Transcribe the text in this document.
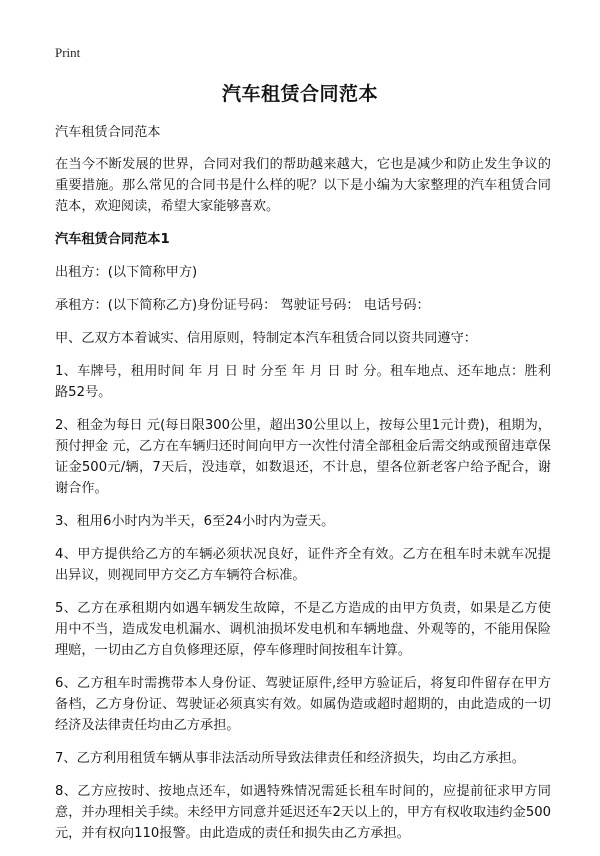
Print
汽车租赁合同范本

汽车租赁合同范本

在当今不断发展的世界，合同对我们的帮助越来越大，它也是减少和防止发生争议的重要措施。那么常见的合同书是什么样的呢？以下是小编为大家整理的汽车租赁合同范本，欢迎阅读，希望大家能够喜欢。

汽车租赁合同范本1

出租方：(以下简称甲方)

承租方：(以下简称乙方)身份证号码： 驾驶证号码： 电话号码：

甲、乙双方本着诚实、信用原则，特制定本汽车租赁合同以资共同遵守：

1、车牌号，租用时间 年 月 日 时 分至 年 月 日 时 分。租车地点、还车地点：胜利路52号。

2、租金为每日 元(每日限300公里，超出30公里以上，按每公里1元计费)，租期为，预付押金 元，乙方在车辆归还时间向甲方一次性付清全部租金后需交纳或预留违章保证金500元/辆，7天后，没违章，如数退还，不计息，望各位新老客户给予配合，谢谢合作。

3、租用6小时内为半天，6至24小时内为壹天。

4、甲方提供给乙方的车辆必须状况良好，证件齐全有效。乙方在租车时未就车况提出异议，则视同甲方交乙方车辆符合标准。

5、乙方在承租期内如遇车辆发生故障，不是乙方造成的由甲方负责，如果是乙方使用中不当，造成发电机漏水、调机油损坏发电机和车辆地盘、外观等的，不能用保险理赔，一切由乙方自负修理还原，停车修理时间按租车计算。

6、乙方租车时需携带本人身份证、驾驶证原件,经甲方验证后，将复印件留存在甲方备档，乙方身份证、驾驶证必须真实有效。如属伪造或超时超期的，由此造成的一切经济及法律责任均由乙方承担。

7、乙方利用租赁车辆从事非法活动所导致法律责任和经济损失，均由乙方承担。

8、乙方应按时、按地点还车，如遇特殊情况需延长租车时间的，应提前征求甲方同意，并办理相关手续。未经甲方同意并延迟还车2天以上的，甲方有权收取违约金500元，并有权向110报警。由此造成的责任和损失由乙方承担。
